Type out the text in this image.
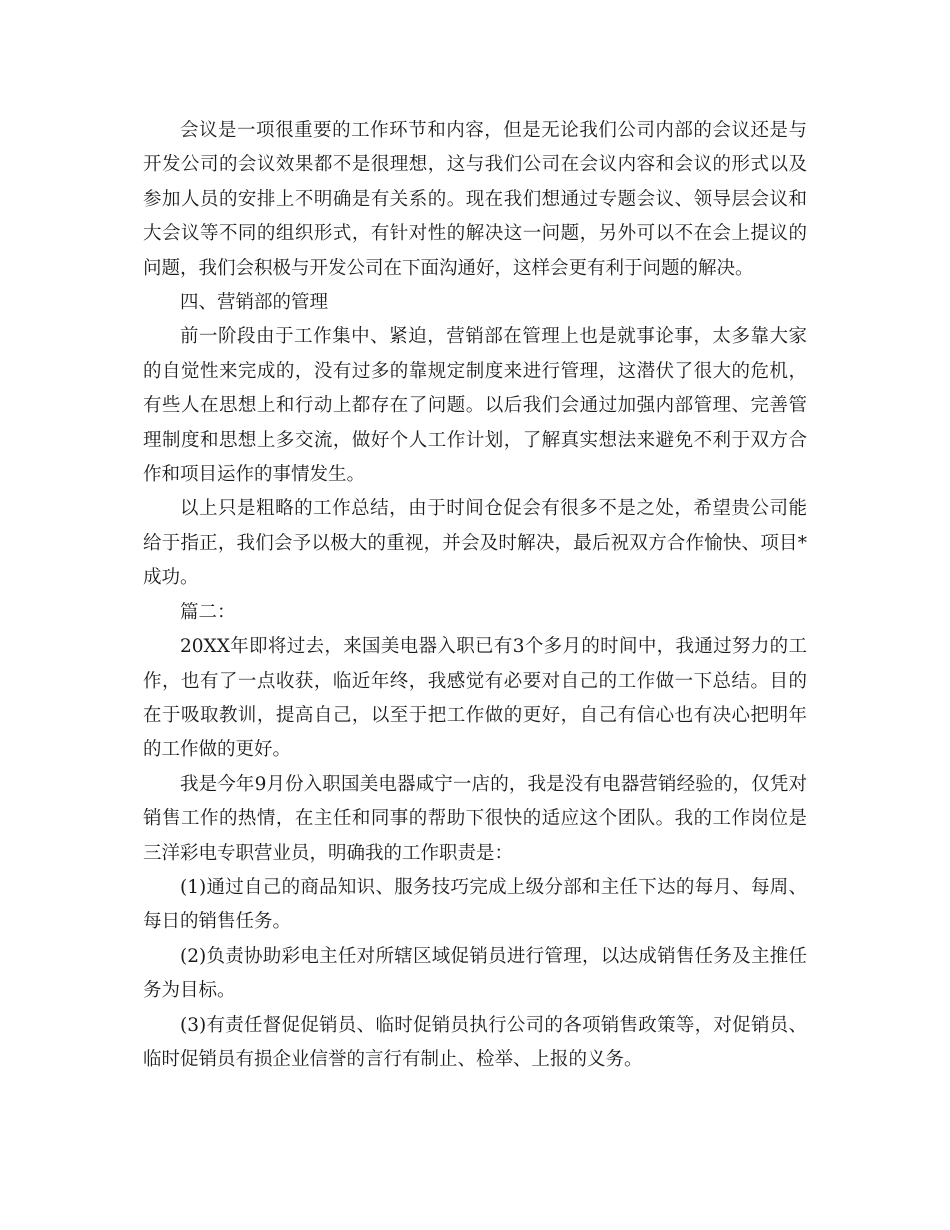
会议是一项很重要的工作环节和内容，但是无论我们公司内部的会议还是与开发公司的会议效果都不是很理想，这与我们公司在会议内容和会议的形式以及参加人员的安排上不明确是有关系的。现在我们想通过专题会议、领导层会议和大会议等不同的组织形式，有针对性的解决这一问题，另外可以不在会上提议的问题，我们会积极与开发公司在下面沟通好，这样会更有利于问题的解决。

四、营销部的管理

前一阶段由于工作集中、紧迫，营销部在管理上也是就事论事，太多靠大家的自觉性来完成的，没有过多的靠规定制度来进行管理，这潜伏了很大的危机，有些人在思想上和行动上都存在了问题。以后我们会通过加强内部管理、完善管理制度和思想上多交流，做好个人工作计划，了解真实想法来避免不利于双方合作和项目运作的事情发生。

以上只是粗略的工作总结，由于时间仓促会有很多不是之处，希望贵公司能给于指正，我们会予以极大的重视，并会及时解决，最后祝双方合作愉快、项目*成功。

篇二：

20XX年即将过去，来国美电器入职已有3个多月的时间中，我通过努力的工作，也有了一点收获，临近年终，我感觉有必要对自己的工作做一下总结。目的在于吸取教训，提高自己，以至于把工作做的更好，自己有信心也有决心把明年的工作做的更好。

我是今年9月份入职国美电器咸宁一店的，我是没有电器营销经验的，仅凭对销售工作的热情，在主任和同事的帮助下很快的适应这个团队。我的工作岗位是三洋彩电专职营业员，明确我的工作职责是：

(1)通过自己的商品知识、服务技巧完成上级分部和主任下达的每月、每周、每日的销售任务。

(2)负责协助彩电主任对所辖区域促销员进行管理，以达成销售任务及主推任务为目标。

(3)有责任督促促销员、临时促销员执行公司的各项销售政策等，对促销员、临时促销员有损企业信誉的言行有制止、检举、上报的义务。
